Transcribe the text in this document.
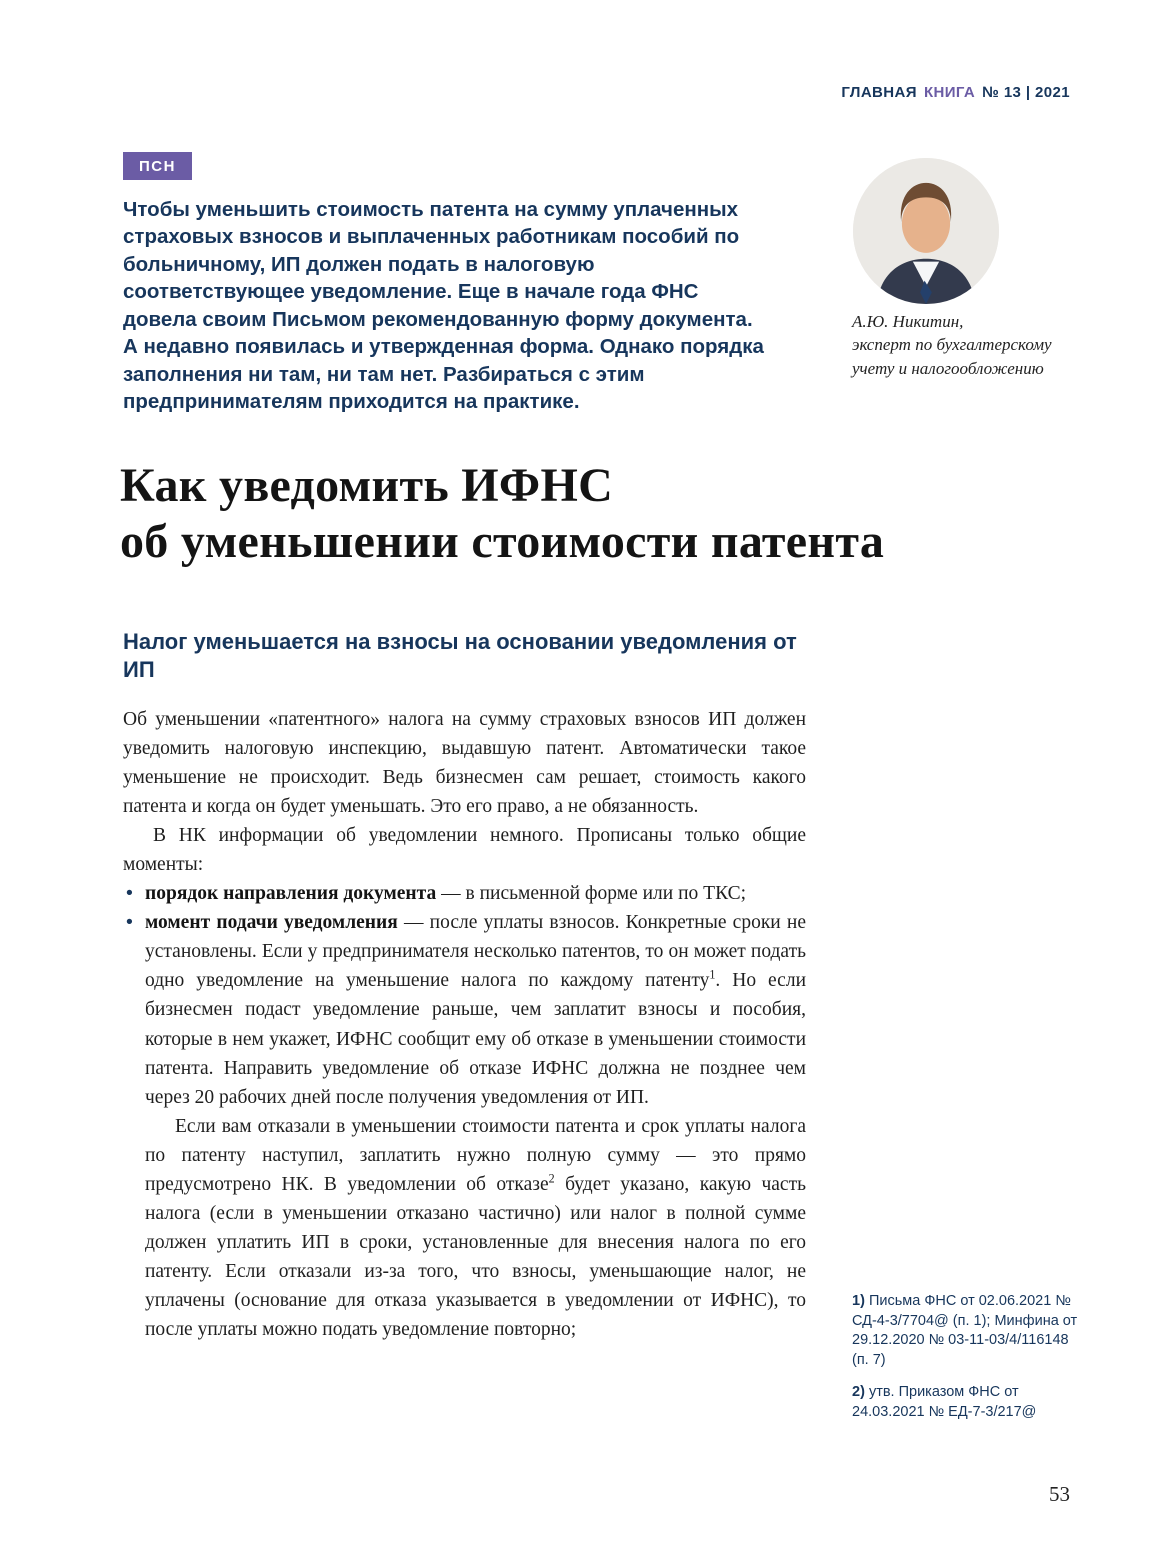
ГЛАВНАЯ КНИГА № 13 | 2021
ПСН
Чтобы уменьшить стоимость патента на сумму уплаченных страховых взносов и выплаченных работникам пособий по больничному, ИП должен подать в налоговую соответствующее уведомление. Еще в начале года ФНС довела своим Письмом рекомендованную форму документа. А недавно появилась и утвержденная форма. Однако порядка заполнения ни там, ни там нет. Разбираться с этим предпринимателям приходится на практике.
А.Ю. Никитин,
эксперт по бухгалтерскому учету и налогообложению
Как уведомить ИФНС
об уменьшении стоимости патента
Налог уменьшается на взносы на основании уведомления от ИП

Об уменьшении «патентного» налога на сумму страховых взносов ИП должен уведомить налоговую инспекцию, выдавшую патент. Автоматически такое уменьшение не происходит. Ведь бизнесмен сам решает, стоимость какого патента и когда он будет уменьшать. Это его право, а не обязанность.

В НК информации об уведомлении немного. Прописаны только общие моменты:

• порядок направления документа — в письменной форме или по ТКС;

• момент подачи уведомления — после уплаты взносов. Конкретные сроки не установлены. Если у предпринимателя несколько патентов, то он может подать одно уведомление на уменьшение налога по каждому патенту$^1$. Но если бизнесмен подаст уведомление раньше, чем заплатит взносы и пособия, которые в нем укажет, ИФНС сообщит ему об отказе в уменьшении стоимости патента. Направить уведомление об отказе ИФНС должна не позднее чем через 20 рабочих дней после получения уведомления от ИП.

Если вам отказали в уменьшении стоимости патента и срок уплаты налога по патенту наступил, заплатить нужно полную сумму — это прямо предусмотрено НК. В уведомлении об отказе$^2$ будет указано, какую часть налога (если в уменьшении отказано частично) или налог в полной сумме должен уплатить ИП в сроки, установленные для внесения налога по его патенту. Если отказали из-за того, что взносы, уменьшающие налог, не уплачены (основание для отказа указывается в уведомлении от ИФНС), то после уплаты можно подать уведомление повторно;

1) Письма ФНС от 02.06.2021 № СД-4-3/7704@ (п. 1); Минфина от 29.12.2020 № 03-11-03/4/116148 (п. 7)
2) утв. Приказом ФНС от 24.03.2021 № ЕД-7-3/217@
53
